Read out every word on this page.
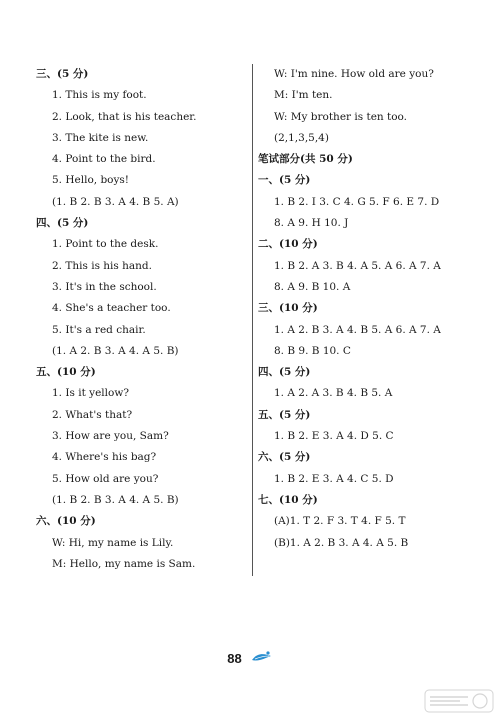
三、(5 分)
1. This is my foot.
2. Look, that is his teacher.
3. The kite is new.
4. Point to the bird.
5. Hello, boys!
(1. B 2. B 3. A 4. B 5. A)
四、(5 分)
1. Point to the desk.
2. This is his hand.
3. It's in the school.
4. She's a teacher too.
5. It's a red chair.
(1. A 2. B 3. A 4. A 5. B)
五、(10 分)
1. Is it yellow?
2. What's that?
3. How are you, Sam?
4. Where's his bag?
5. How old are you?
(1. B 2. B 3. A 4. A 5. B)
六、(10 分)
W: Hi, my name is Lily.
M: Hello, my name is Sam.
W: I'm nine. How old are you?
M: I'm ten.
W: My brother is ten too.
(2,1,3,5,4)
笔试部分(共 50 分)
一、(5 分)
1. B 2. I 3. C 4. G 5. F 6. E 7. D
8. A 9. H 10. J
二、(10 分)
1. B 2. A 3. B 4. A 5. A 6. A 7. A
8. A 9. B 10. A
三、(10 分)
1. A 2. B 3. A 4. B 5. A 6. A 7. A
8. B 9. B 10. C
四、(5 分)
1. A 2. A 3. B 4. B 5. A
五、(5 分)
1. B 2. E 3. A 4. D 5. C
六、(5 分)
1. B 2. E 3. A 4. C 5. D
七、(10 分)
(A)1. T 2. F 3. T 4. F 5. T
(B)1. A 2. B 3. A 4. A 5. B
88
